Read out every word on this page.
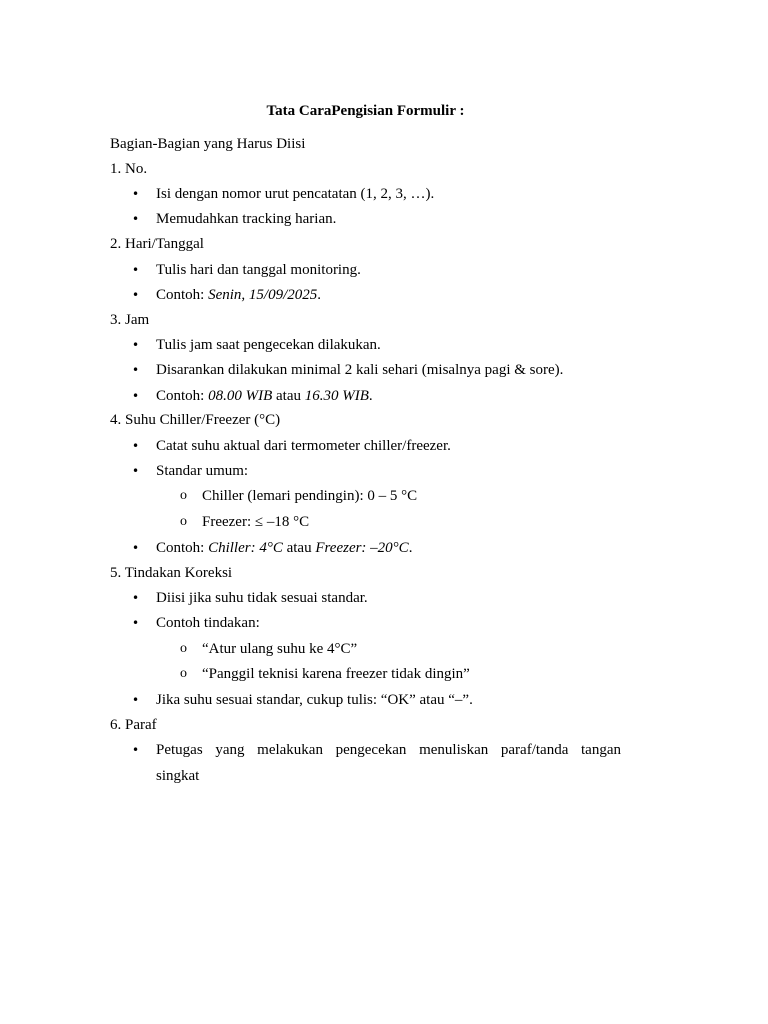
Tata CaraPengisian Formulir :
Bagian-Bagian yang Harus Diisi
1. No.
• Isi dengan nomor urut pencatatan (1, 2, 3, …).
• Memudahkan tracking harian.
2. Hari/Tanggal
• Tulis hari dan tanggal monitoring.
• Contoh: Senin, 15/09/2025.
3. Jam
• Tulis jam saat pengecekan dilakukan.
• Disarankan dilakukan minimal 2 kali sehari (misalnya pagi & sore).
• Contoh: 08.00 WIB atau 16.30 WIB.
4. Suhu Chiller/Freezer (°C)
• Catat suhu aktual dari termometer chiller/freezer.
• Standar umum:
o Chiller (lemari pendingin): 0 – 5 °C
o Freezer: ≤ –18 °C
• Contoh: Chiller: 4°C atau Freezer: –20°C.
5. Tindakan Koreksi
• Diisi jika suhu tidak sesuai standar.
• Contoh tindakan:
o “Atur ulang suhu ke 4°C”
o “Panggil teknisi karena freezer tidak dingin”
• Jika suhu sesuai standar, cukup tulis: “OK” atau “–”.
6. Paraf
• Petugas yang melakukan pengecekan menuliskan paraf/tanda tangan
singkat
